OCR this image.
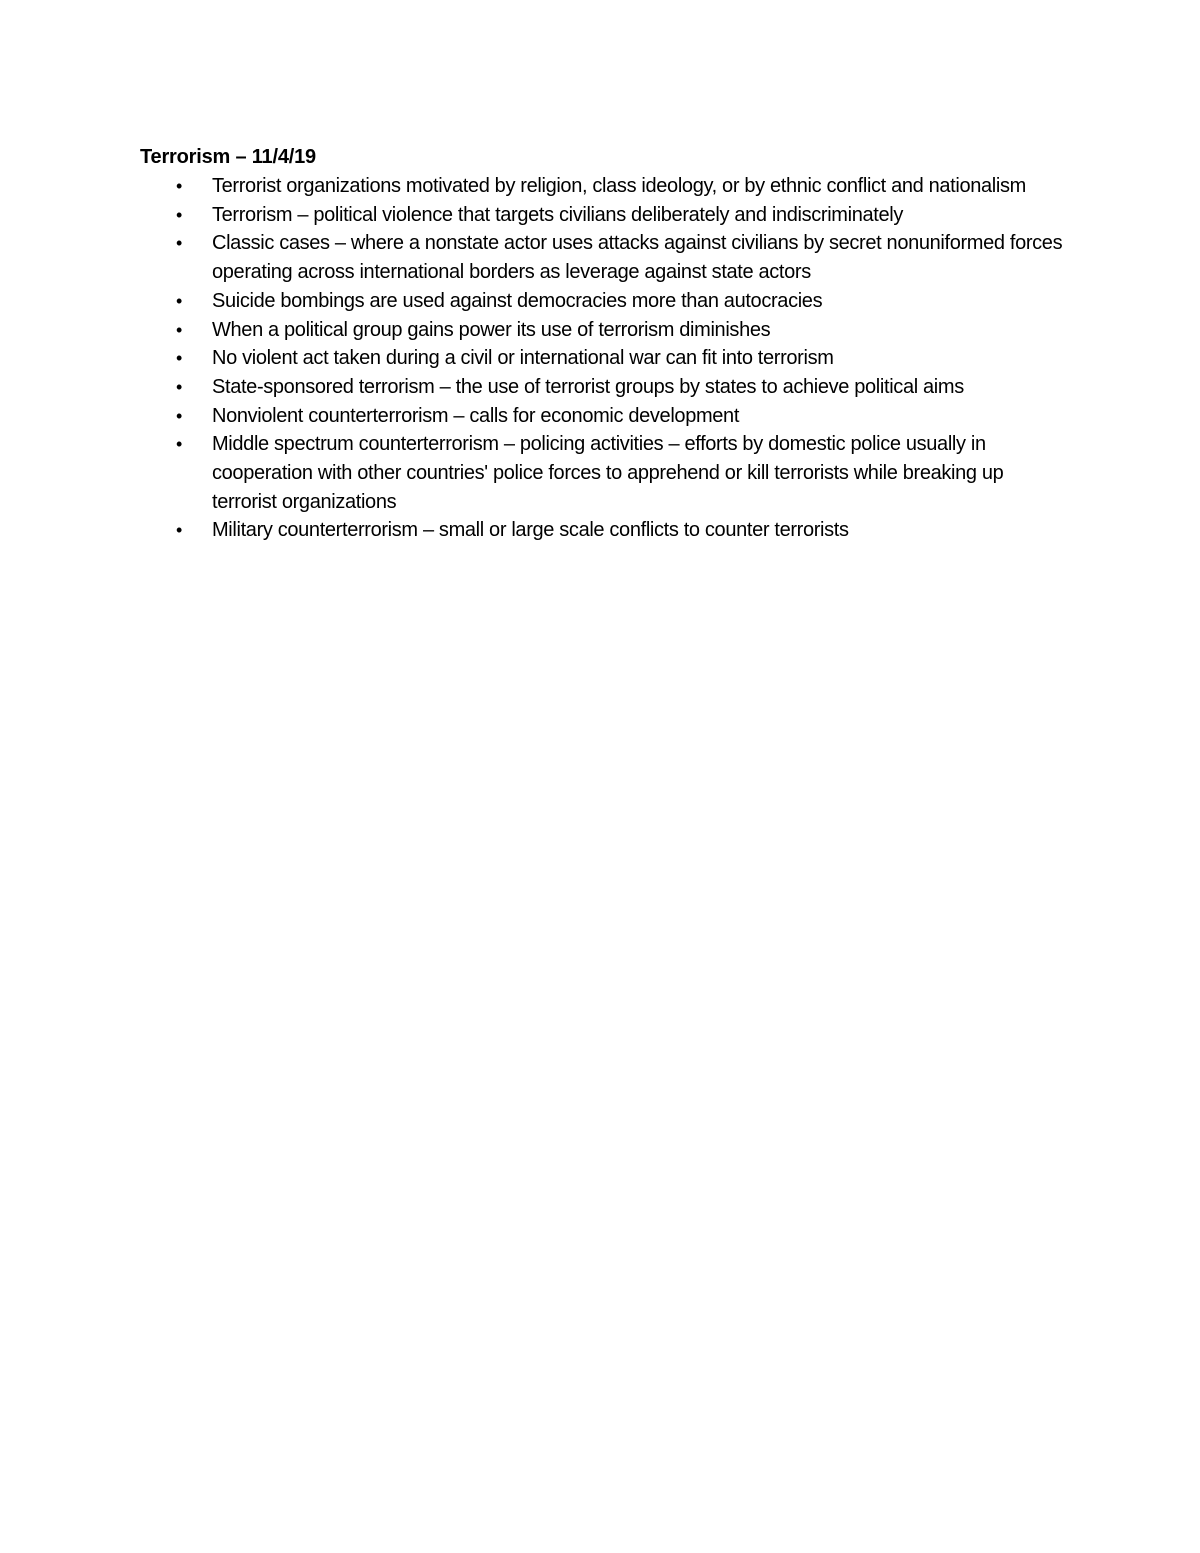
Terrorism – 11/4/19

• Terrorist organizations motivated by religion, class ideology, or by ethnic conflict and nationalism
• Terrorism – political violence that targets civilians deliberately and indiscriminately
• Classic cases – where a nonstate actor uses attacks against civilians by secret nonuniformed forces operating across international borders as leverage against state actors
• Suicide bombings are used against democracies more than autocracies
• When a political group gains power its use of terrorism diminishes
• No violent act taken during a civil or international war can fit into terrorism
• State-sponsored terrorism – the use of terrorist groups by states to achieve political aims
• Nonviolent counterterrorism – calls for economic development
• Middle spectrum counterterrorism – policing activities – efforts by domestic police usually in cooperation with other countries' police forces to apprehend or kill terrorists while breaking up terrorist organizations
• Military counterterrorism – small or large scale conflicts to counter terrorists
